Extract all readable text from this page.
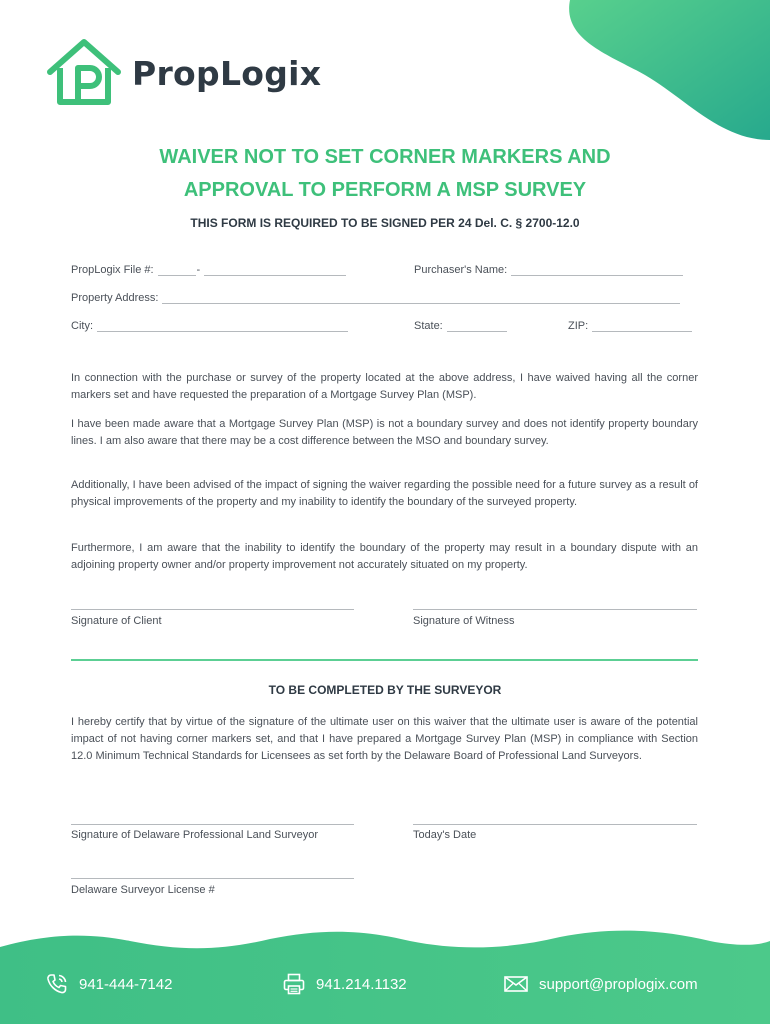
PropLogix
WAIVER NOT TO SET CORNER MARKERS AND
APPROVAL TO PERFORM A MSP SURVEY
THIS FORM IS REQUIRED TO BE SIGNED PER 24 Del. C. § 2700-12.0
PropLogix File #:	-	Purchaser's Name:
Property Address:
City:	State:	ZIP:
In connection with the purchase or survey of the property located at the above address, I have waived having all the corner markers set and have requested the preparation of a Mortgage Survey Plan (MSP).
I have been made aware that a Mortgage Survey Plan (MSP) is not a boundary survey and does not identify property boundary lines. I am also aware that there may be a cost difference between the MSO and boundary survey.
Additionally, I have been advised of the impact of signing the waiver regarding the possible need for a future survey as a result of physical improvements of the property and my inability to identify the boundary of the surveyed property.
Furthermore, I am aware that the inability to identify the boundary of the property may result in a boundary dispute with an adjoining property owner and/or property improvement not accurately situated on my property.
Signature of Client	Signature of Witness
TO BE COMPLETED BY THE SURVEYOR
I hereby certify that by virtue of the signature of the ultimate user on this waiver that the ultimate user is aware of the potential impact of not having corner markers set, and that I have prepared a Mortgage Survey Plan (MSP) in compliance with Section 12.0 Minimum Technical Standards for Licensees as set forth by the Delaware Board of Professional Land Surveyors.
Signature of Delaware Professional Land Surveyor	Today's Date
Delaware Surveyor License #
941-444-7142	941.214.1132	support@proplogix.com
